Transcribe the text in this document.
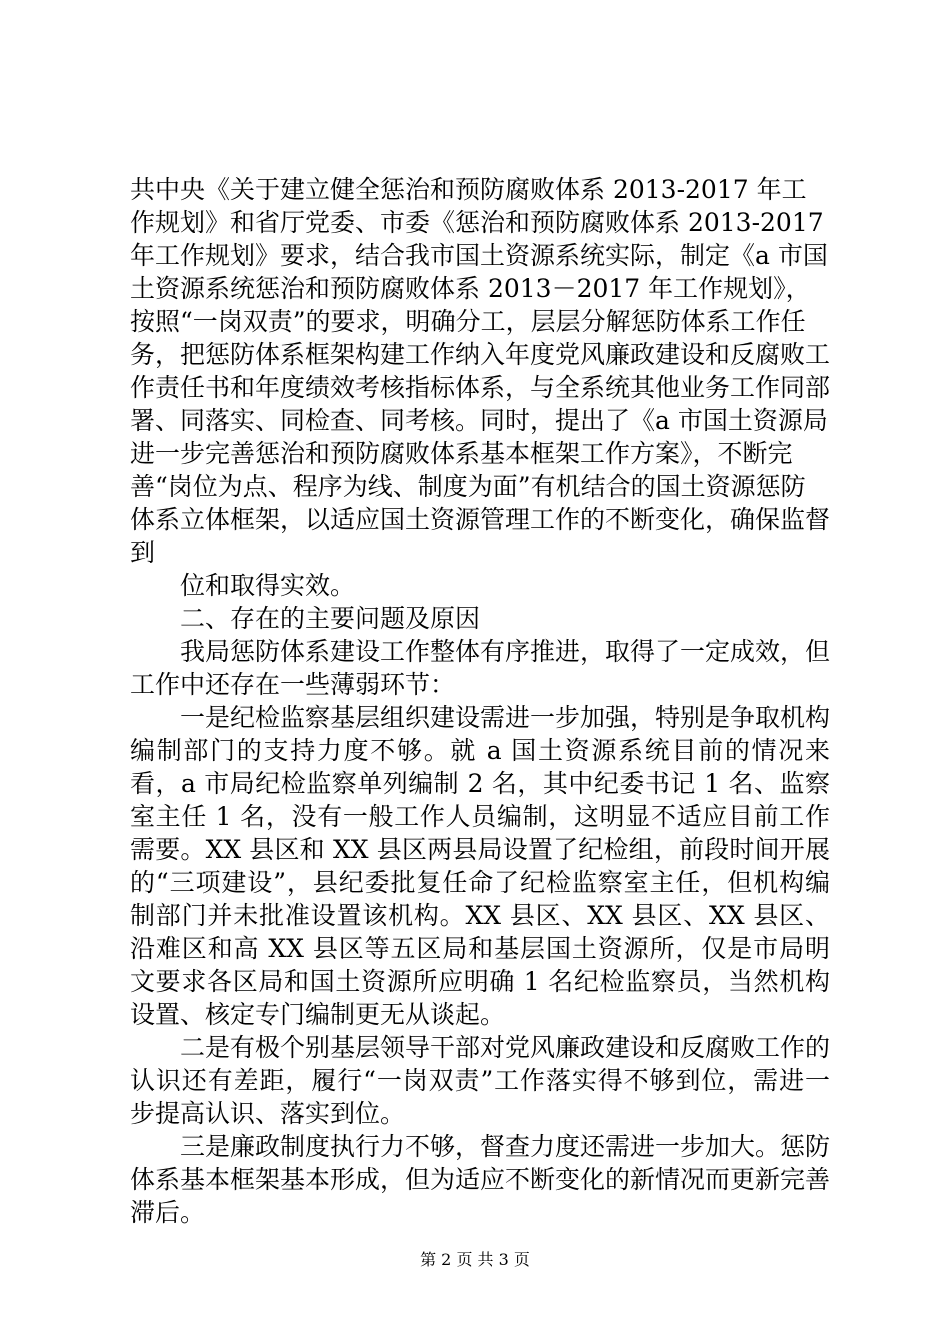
共中央《关于建立健全惩治和预防腐败体系 2013-2017 年工作规划》和省厅党委、市委《惩治和预防腐败体系 2013-2017 年工作规划》要求，结合我市国土资源系统实际，制定《a 市国土资源系统惩治和预防腐败体系 2013－2017 年工作规划》，按照“一岗双责”的要求，明确分工，层层分解惩防体系工作任务，把惩防体系框架构建工作纳入年度党风廉政建设和反腐败工作责任书和年度绩效考核指标体系，与全系统其他业务工作同部署、同落实、同检查、同考核。同时，提出了《a 市国土资源局进一步完善惩治和预防腐败体系基本框架工作方案》，不断完善“岗位为点、程序为线、制度为面”有机结合的国土资源惩防体系立体框架，以适应国土资源管理工作的不断变化，确保监督到

位和取得实效。

二、存在的主要问题及原因

我局惩防体系建设工作整体有序推进，取得了一定成效，但工作中还存在一些薄弱环节：

一是纪检监察基层组织建设需进一步加强，特别是争取机构编制部门的支持力度不够。就 a 国土资源系统目前的情况来看，a 市局纪检监察单列编制 2 名，其中纪委书记 1 名、监察室主任 1 名，没有一般工作人员编制，这明显不适应目前工作需要。XX 县区和 XX 县区两县局设置了纪检组，前段时间开展的“三项建设”，县纪委批复任命了纪检监察室主任，但机构编制部门并未批准设置该机构。XX 县区、XX 县区、XX 县区、沿难区和高 XX 县区等五区局和基层国土资源所，仅是市局明文要求各区局和国土资源所应明确 1 名纪检监察员，当然机构设置、核定专门编制更无从谈起。

二是有极个别基层领导干部对党风廉政建设和反腐败工作的认识还有差距，履行“一岗双责”工作落实得不够到位，需进一步提高认识、落实到位。

三是廉政制度执行力不够，督查力度还需进一步加大。惩防体系基本框架基本形成，但为适应不断变化的新情况而更新完善滞后。

第 2 页 共 3 页
